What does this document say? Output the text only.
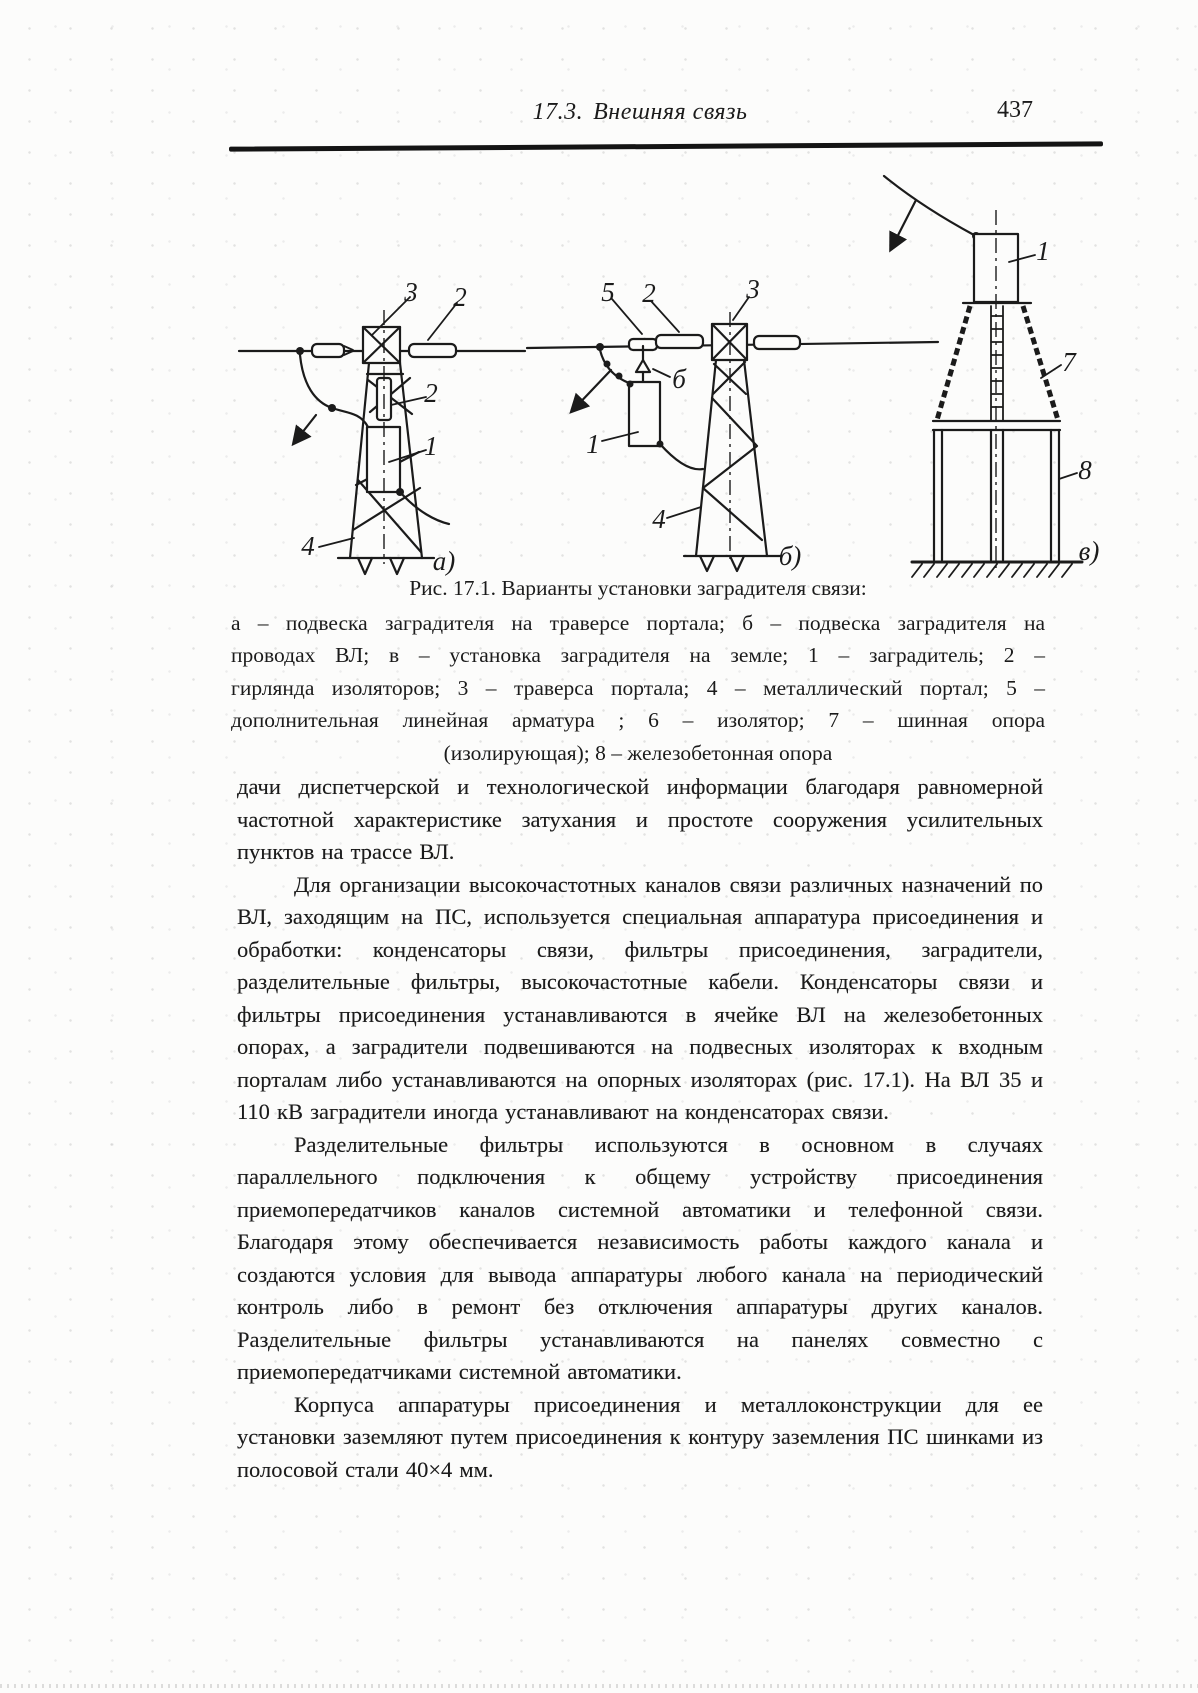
17.3. Внешняя связь	437
3 2
2
1
4	а)
5 2	3
б
1
4
б)
1
7
8
в)
Рис. 17.1. Варианты установки заградителя связи:
а – подвеска заградителя на траверсе портала; б – подвеска заградителя на
проводах ВЛ; в – установка заградителя на земле; 1 – заградитель; 2 –
гирлянда изоляторов; 3 – траверса портала; 4 – металлический портал; 5 –
дополнительная линейная арматура ; 6 – изолятор; 7 – шинная опора
(изолирующая); 8 – железобетонная опора

дачи диспетчерской и технологической информации благодаря равномерной частотной характеристике затухания и простоте сооружения усилительных пунктов на трассе ВЛ.

Для организации высокочастотных каналов связи различных назначений по ВЛ, заходящим на ПС, используется специальная аппаратура присоединения и обработки: конденсаторы связи, фильтры присоединения, заградители, разделительные фильтры, высокочастотные кабели. Конденсаторы связи и фильтры присоединения устанавливаются в ячейке ВЛ на железобетонных опорах, а заградители подвешиваются на подвесных изоляторах к входным порталам либо устанавливаются на опорных изоляторах (рис. 17.1). На ВЛ 35 и 110 кВ заградители иногда устанавливают на конденсаторах связи.

Разделительные фильтры используются в основном в случаях параллельного подключения к общему устройству присоединения приемопередатчиков каналов системной автоматики и телефонной связи. Благодаря этому обеспечивается независимость работы каждого канала и создаются условия для вывода аппаратуры любого канала на периодический контроль либо в ремонт без отключения аппаратуры других каналов. Разделительные фильтры устанавливаются на панелях совместно с приемопередатчиками системной автоматики.

Корпуса аппаратуры присоединения и металлоконструкции для ее установки заземляют путем присоединения к контуру заземления ПС шинками из полосовой стали 40×4 мм.
